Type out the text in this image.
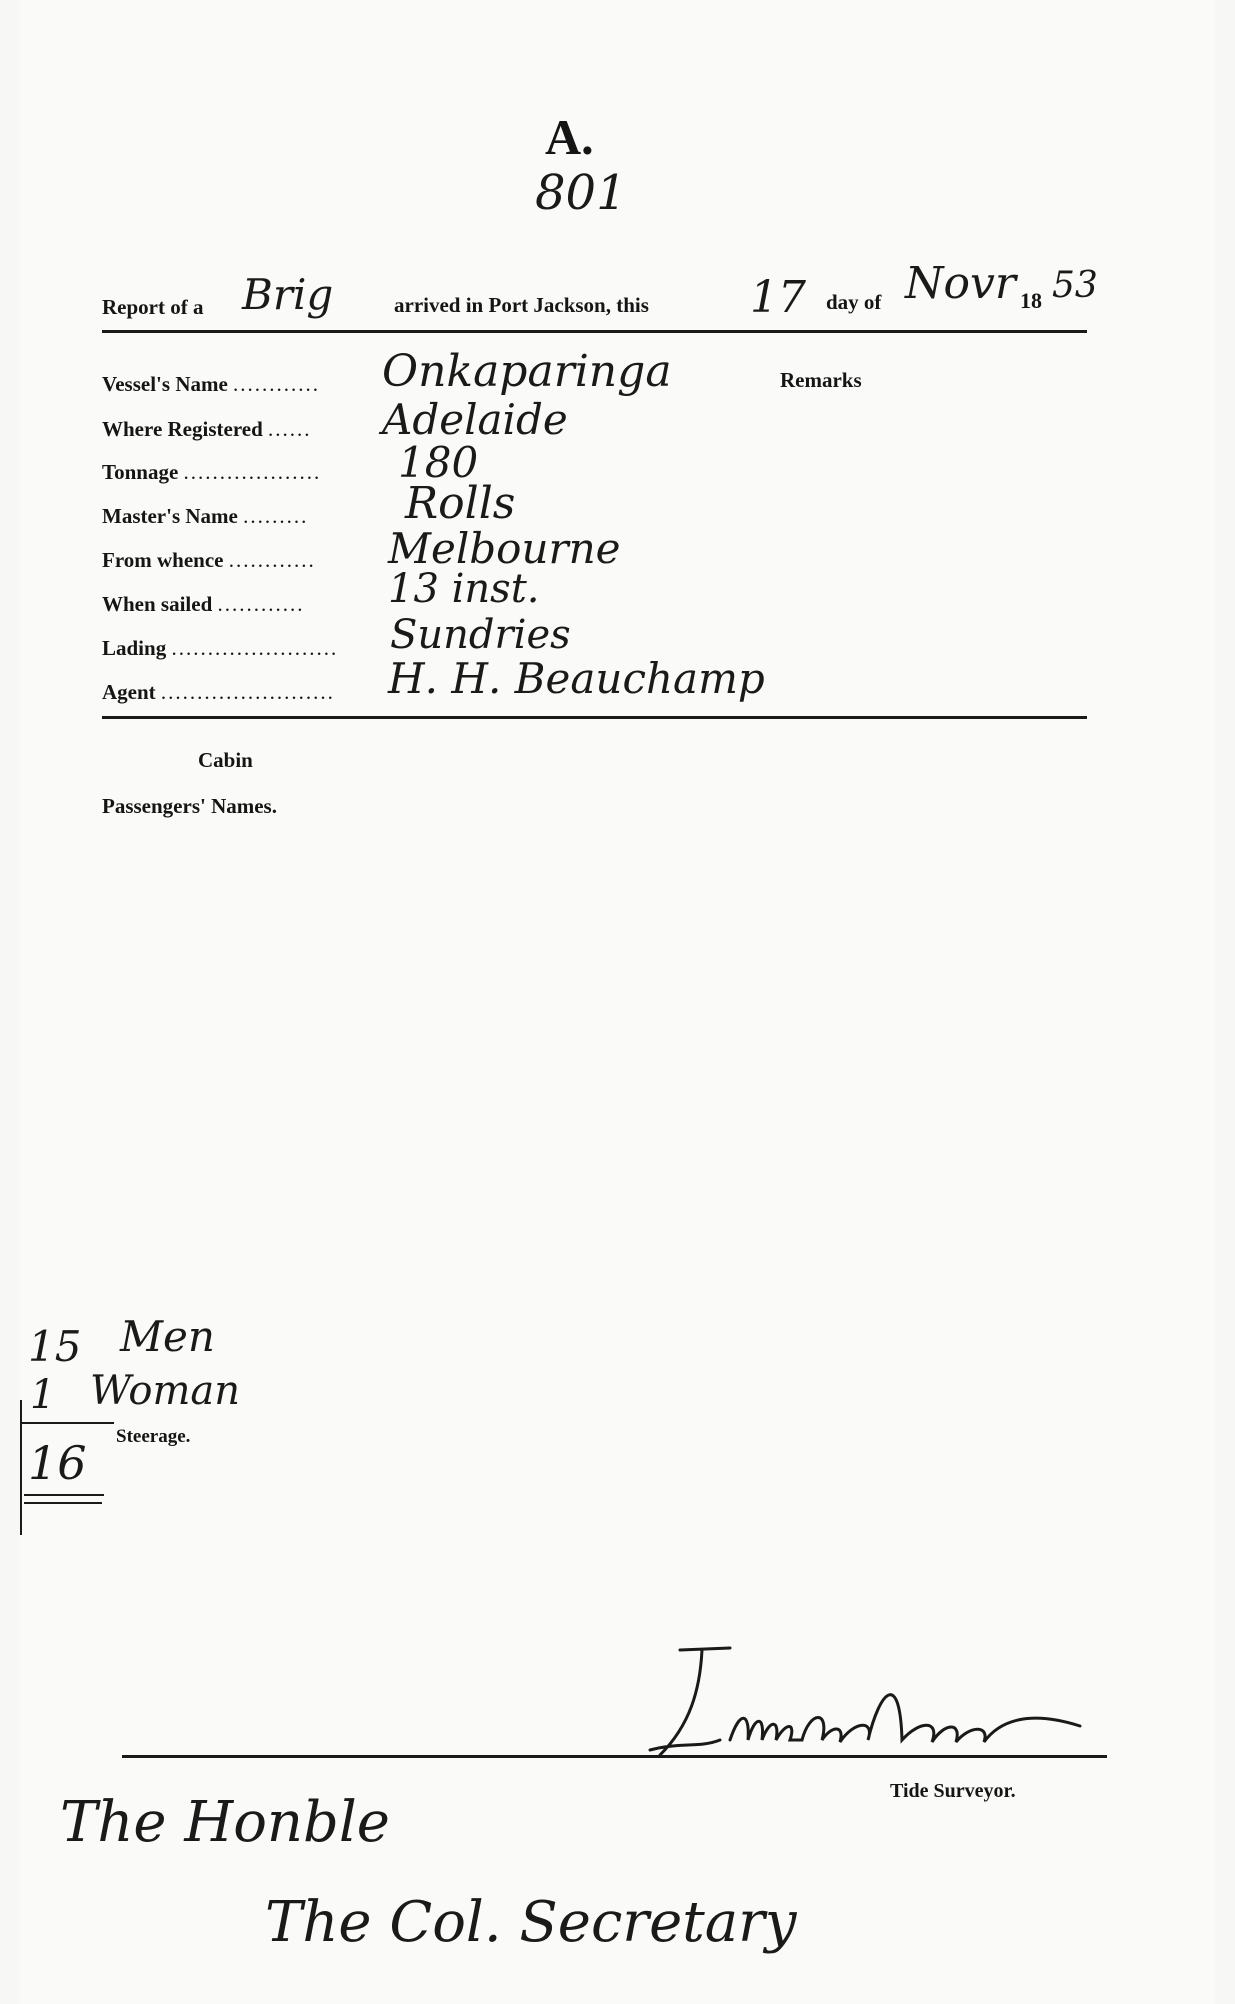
A.
801
Report of a Brig	arrived in Port Jackson, this 17 day of Novr 18 53
Remarks
Vessel's Name ............ Onkaparinga
Where Registered ...... Adelaide
Tonnage ................... 180
Master's Name ......... Rolls
From whence ............ Melbourne
When sailed ............ 13 inst.
Lading ....................... Sundries
Agent ........................ H. H. Beauchamp
Cabin
Passengers' Names.
15 Men
1 Woman
Steerage.
16
Tide Surveyor.
The Honble
The Col. Secretary
